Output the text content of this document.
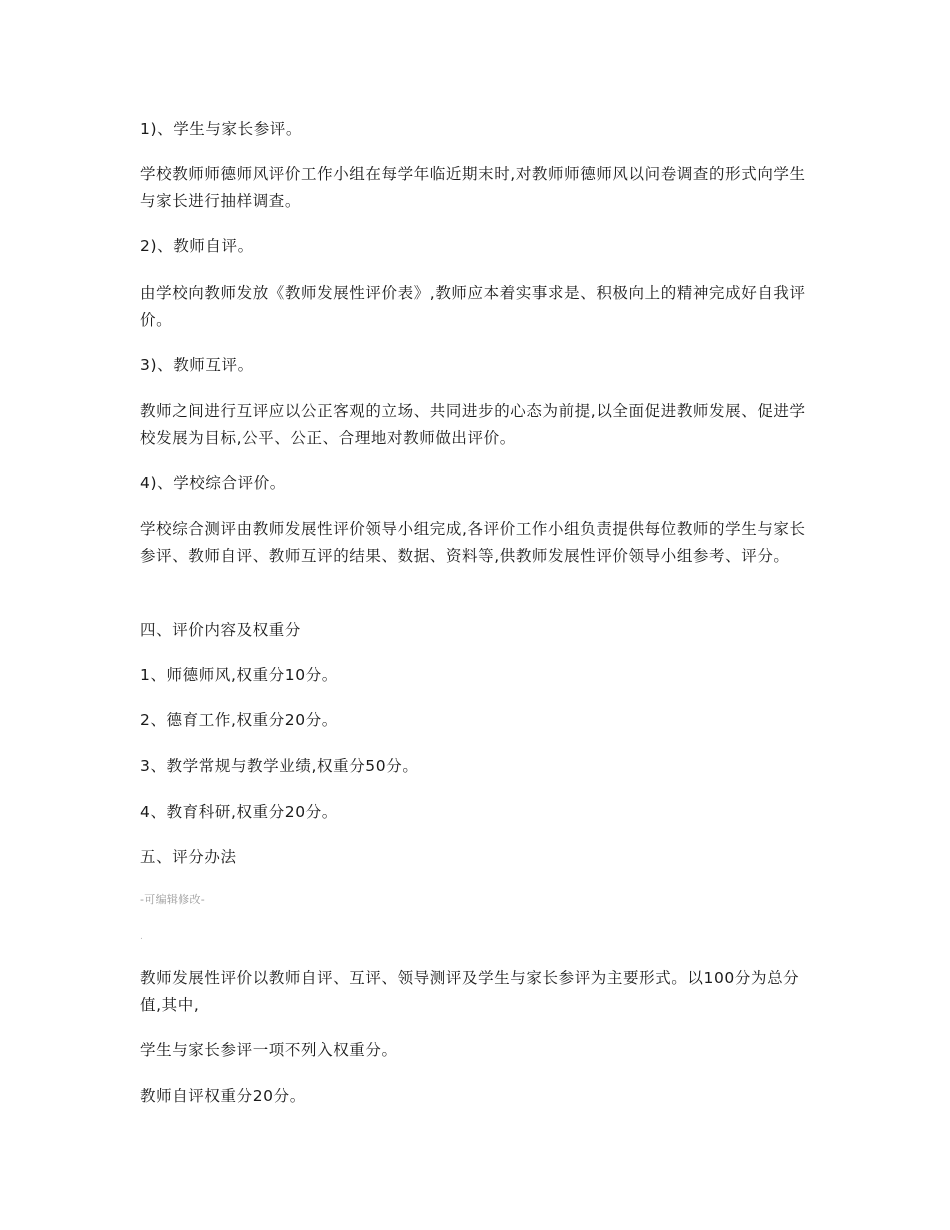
1)、学生与家长参评。

学校教师师德师风评价工作小组在每学年临近期末时,对教师师德师风以问卷调查的形式向学生与家长进行抽样调查。

2)、教师自评。

由学校向教师发放《教师发展性评价表》,教师应本着实事求是、积极向上的精神完成好自我评价。

3)、教师互评。

教师之间进行互评应以公正客观的立场、共同进步的心态为前提,以全面促进教师发展、促进学校发展为目标,公平、公正、合理地对教师做出评价。

4)、学校综合评价。

学校综合测评由教师发展性评价领导小组完成,各评价工作小组负责提供每位教师的学生与家长参评、教师自评、教师互评的结果、数据、资料等,供教师发展性评价领导小组参考、评分。

四、评价内容及权重分

1、师德师风,权重分10分。

2、德育工作,权重分20分。

3、教学常规与教学业绩,权重分50分。

4、教育科研,权重分20分。

五、评分办法

-可编辑修改-
.

教师发展性评价以教师自评、互评、领导测评及学生与家长参评为主要形式。以100分为总分值,其中,

学生与家长参评一项不列入权重分。

教师自评权重分20分。
